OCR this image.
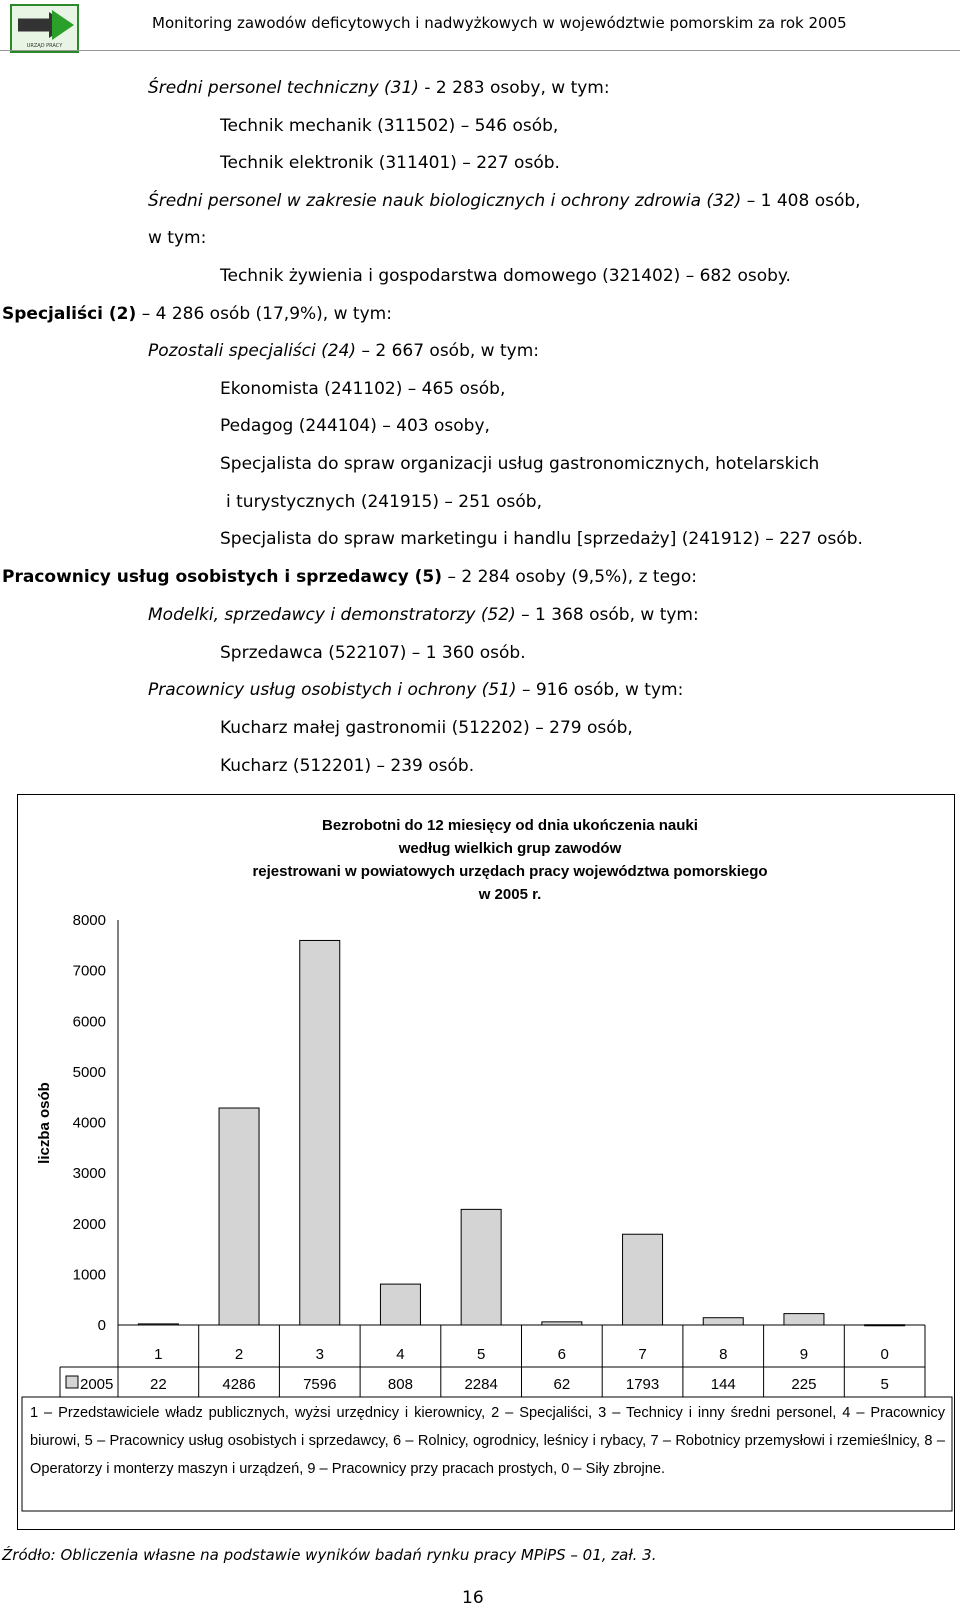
URZĄD PRACY
Monitoring zawodów deficytowych i nadwyżkowych w województwie pomorskim za rok 2005
Średni personel techniczny (31) - 2 283 osoby, w tym:
Technik mechanik (311502) – 546 osób,
Technik elektronik (311401) – 227 osób.
Średni personel w zakresie nauk biologicznych i ochrony zdrowia (32) – 1 408 osób,
w tym:
Technik żywienia i gospodarstwa domowego (321402) – 682 osoby.
Specjaliści (2) – 4 286 osób (17,9%), w tym:
Pozostali specjaliści (24) – 2 667 osób, w tym:
Ekonomista (241102) – 465 osób,
Pedagog (244104) – 403 osoby,
Specjalista do spraw organizacji usług gastronomicznych, hotelarskich
i turystycznych (241915) – 251 osób,
Specjalista do spraw marketingu i handlu [sprzedaży] (241912) – 227 osób.
Pracownicy usług osobistych i sprzedawcy (5) – 2 284 osoby (9,5%), z tego:
Modelki, sprzedawcy i demonstratorzy (52) – 1 368 osób, w tym:
Sprzedawca (522107) – 1 360 osób.
Pracownicy usług osobistych i ochrony (51) – 916 osób, w tym:
Kucharz małej gastronomii (512202) – 279 osób,
Kucharz (512201) – 239 osób.
Bezrobotni do 12 miesięcy od dnia ukończenia nauki
według wielkich grup zawodów
rejestrowani w powiatowych urzędach pracy województwa pomorskiego
w 2005 r.
liczba osób
8000
7000
6000
5000
4000
3000
2000
1000
0
1
22
2
4286
3
7596
4
808
5
2284
6
62
7
1793
8
144
9
225
0
5
2005
1 – Przedstawiciele władz publicznych, wyżsi urzędnicy i kierownicy, 2 – Specjaliści, 3 – Technicy i inny średni personel, 4 – Pracownicy biurowi, 5 – Pracownicy usług osobistych i sprzedawcy, 6 – Rolnicy, ogrodnicy, leśnicy i rybacy, 7 – Robotnicy przemysłowi i rzemieślnicy, 8 – Operatorzy i monterzy maszyn i urządzeń, 9 – Pracownicy przy pracach prostych, 0 – Siły zbrojne.
Źródło: Obliczenia własne na podstawie wyników badań rynku pracy MPiPS – 01, zał. 3.
16
